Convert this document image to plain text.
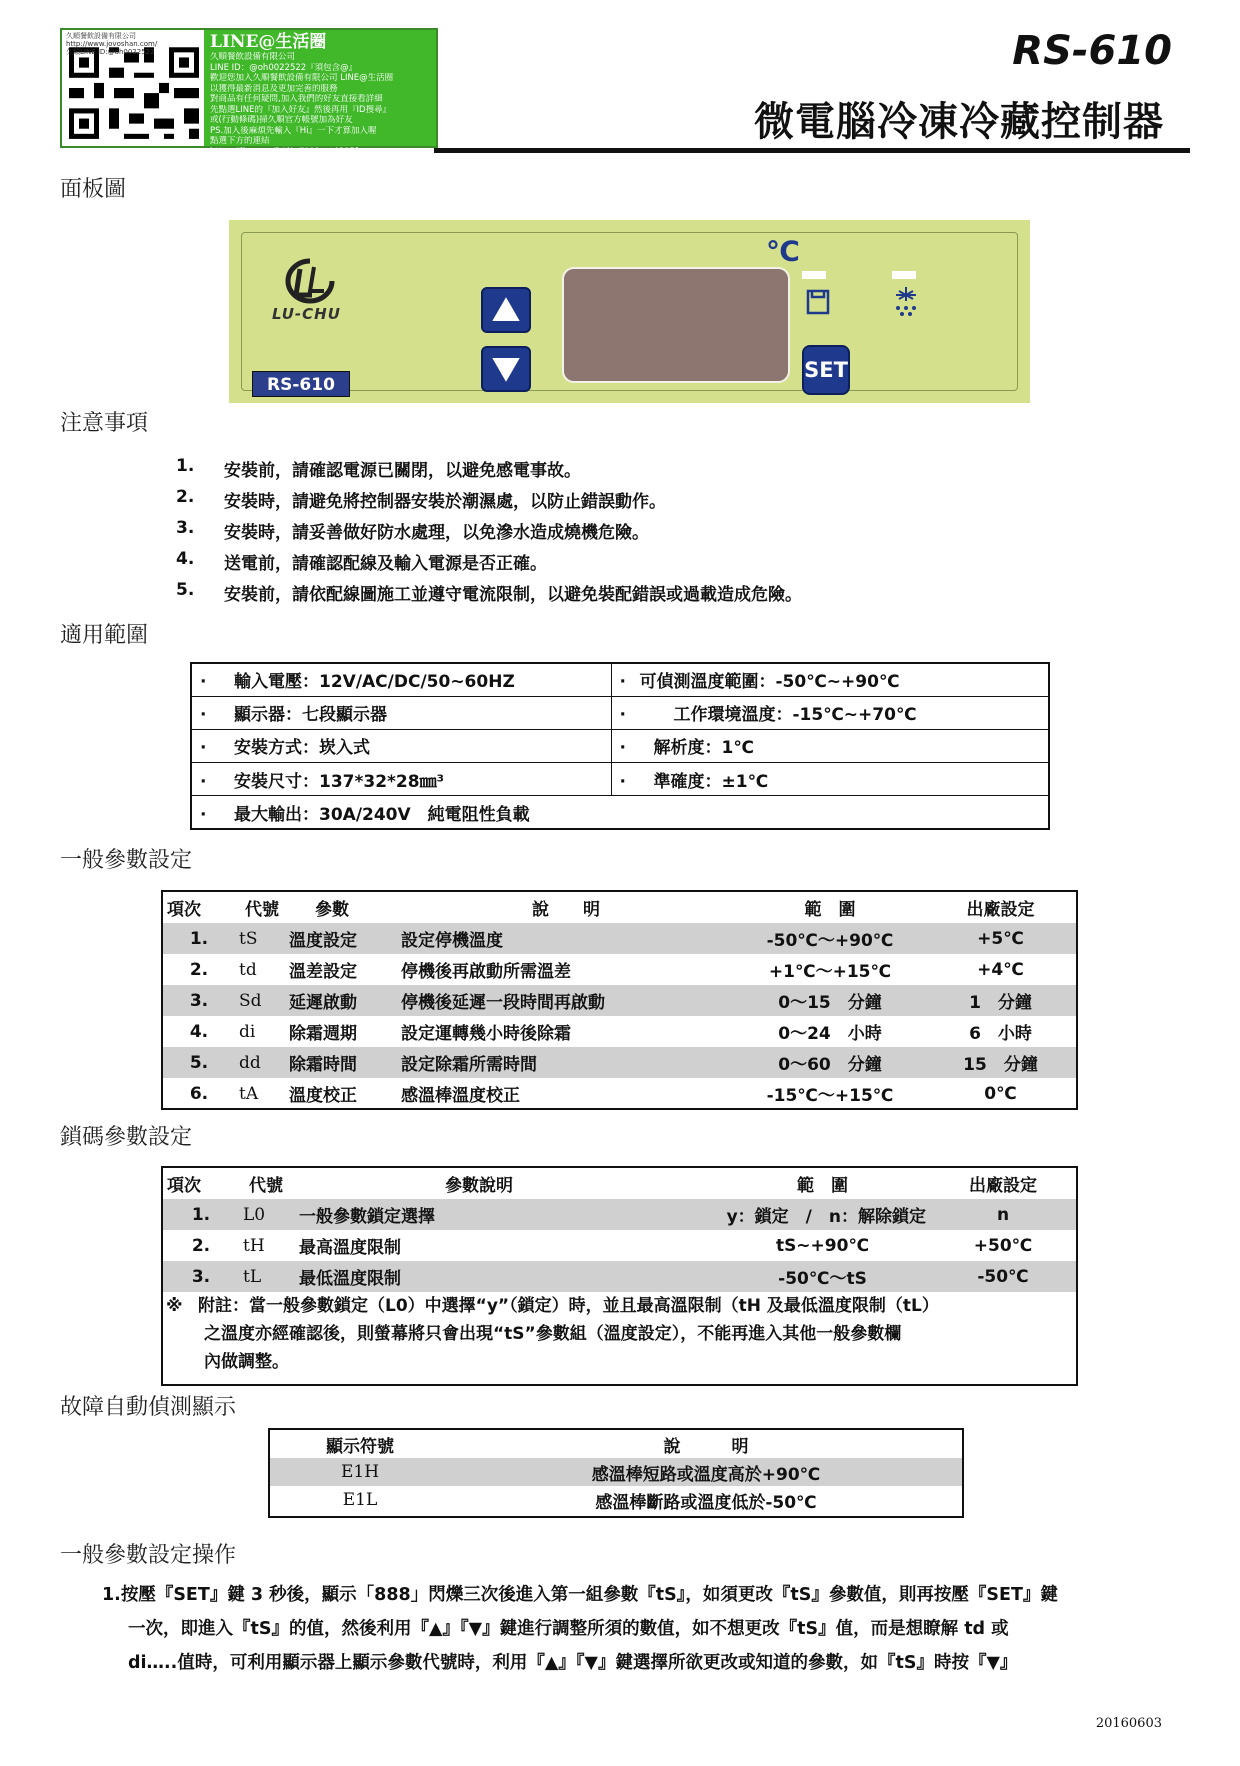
久順餐飲設備有限公司
http://www.jovoshan.com/
久順LINE ID:@oh0022522	LINE@生活圈
久順餐飲設備有限公司
LINE ID：@oh0022522『須包含@』
歡迎您加入久順餐飲設備有限公司 LINE@生活圈
以獲得最新消息及更加完善的服務
對商品有任何疑問,加入我們的好友直接看詳細
先點選LINE的『加入好友』然後再用『ID搜尋』
或(行動條碼)掃久順官方帳號加為好友
PS.加入後麻煩先輸入『Hi』一下才算加入喔
點選下方的連結
https://line.me/R/ti/p/%40gvt4805f
RS-610
微電腦冷凍冷藏控制器
面板圖
LU-CHU
RS-610
℃
SET
注意事項
1.	安裝前，請確認電源已關閉，以避免感電事故。
2.	安裝時，請避免將控制器安裝於潮濕處，以防止錯誤動作。
3.	安裝時，請妥善做好防水處理，以免滲水造成燒機危險。
4.	送電前，請確認配線及輸入電源是否正確。
5.	安裝前，請依配線圖施工並遵守電流限制，以避免裝配錯誤或過載造成危險。
適用範圍
· 輸入電壓：12V/AC/DC/50~60HZ	· 可偵測溫度範圍：-50℃~+90℃
· 顯示器：七段顯示器	· 工作環境溫度：-15℃~+70℃
· 安裝方式：崁入式	· 解析度：1℃
· 安裝尺寸：137*32*28㎜³	· 準確度：±1℃
· 最大輸出：30A/240V　純電阻性負載	
一般參數設定
項次	代號	參數	說　　明	範　圍	出廠設定
1.	tS	溫度設定	設定停機溫度	-50℃～+90℃	+5℃
2.	td	溫差設定	停機後再啟動所需溫差	+1℃～+15℃	+4℃
3.	Sd	延遲啟動	停機後延遲一段時間再啟動	0～15　分鐘	1　分鐘
4.	di	除霜週期	設定運轉幾小時後除霜	0～24　小時	6　小時
5.	dd	除霜時間	設定除霜所需時間	0～60　分鐘	15　分鐘
6.	tA	溫度校正	感溫棒溫度校正	-15℃～+15℃	0℃
鎖碼參數設定
項次	代號	參數說明	範　圍	出廠設定
1.	L0	一般參數鎖定選擇	y：鎖定　/　n：解除鎖定	n
2.	tH	最高溫度限制	tS~+90℃	+50℃
3.	tL	最低溫度限制	-50℃～tS	-50℃
※ 附註：當一般參數鎖定（L0）中選擇“y”（鎖定）時，並且最高溫限制（tH 及最低溫度限制（tL）
之溫度亦經確認後，則螢幕將只會出現“tS”參數組（溫度設定），不能再進入其他一般參數欄
內做調整。
故障自動偵測顯示
顯示符號	說　　　明
E1H	感溫棒短路或溫度高於+90℃
E1L	感溫棒斷路或溫度低於-50℃
一般參數設定操作
1.按壓『SET』鍵 3 秒後，顯示「888」閃爍三次後進入第一組參數『tS』，如須更改『tS』參數值，則再按壓『SET』鍵
一次，即進入『tS』的值，然後利用『▲』『▼』鍵進行調整所須的數值，如不想更改『tS』值，而是想瞭解 td 或
di…..值時，可利用顯示器上顯示參數代號時，利用『▲』『▼』鍵選擇所欲更改或知道的參數，如『tS』時按『▼』
20160603
